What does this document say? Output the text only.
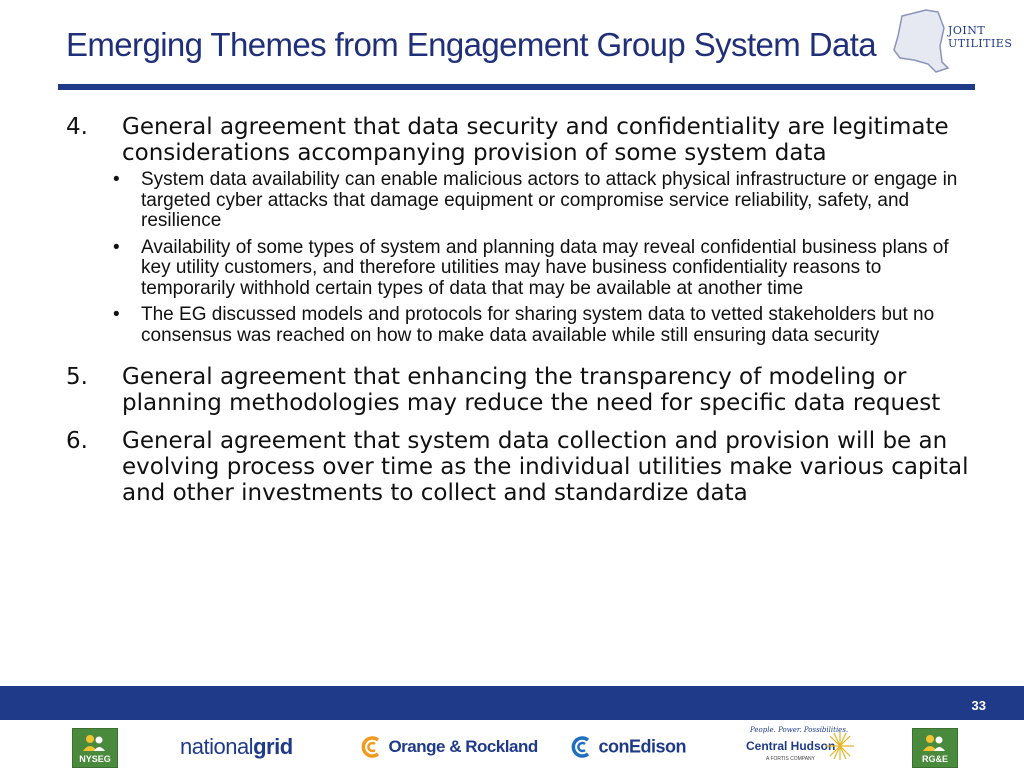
Emerging Themes from Engagement Group System Data	JOINT
UTILITIES
4.	General agreement that data security and confidentiality are legitimate considerations accompanying provision of some system data
• System data availability can enable malicious actors to attack physical infrastructure or engage in targeted cyber attacks that damage equipment or compromise service reliability, safety, and resilience
• Availability of some types of system and planning data may reveal confidential business plans of key utility customers, and therefore utilities may have business confidentiality reasons to temporarily withhold certain types of data that may be available at another time
• The EG discussed models and protocols for sharing system data to vetted stakeholders but no consensus was reached on how to make data available while still ensuring data security
5.	General agreement that enhancing the transparency of modeling or planning methodologies may reduce the need for specific data request
6.	General agreement that system data collection and provision will be an evolving process over time as the individual utilities make various capital and other investments to collect and standardize data
33
NYSEG	nationalgrid	Orange & Rockland	conEdison
People. Power. Possibilities.
Central Hudson
A FORTIS COMPANY	RG&E
